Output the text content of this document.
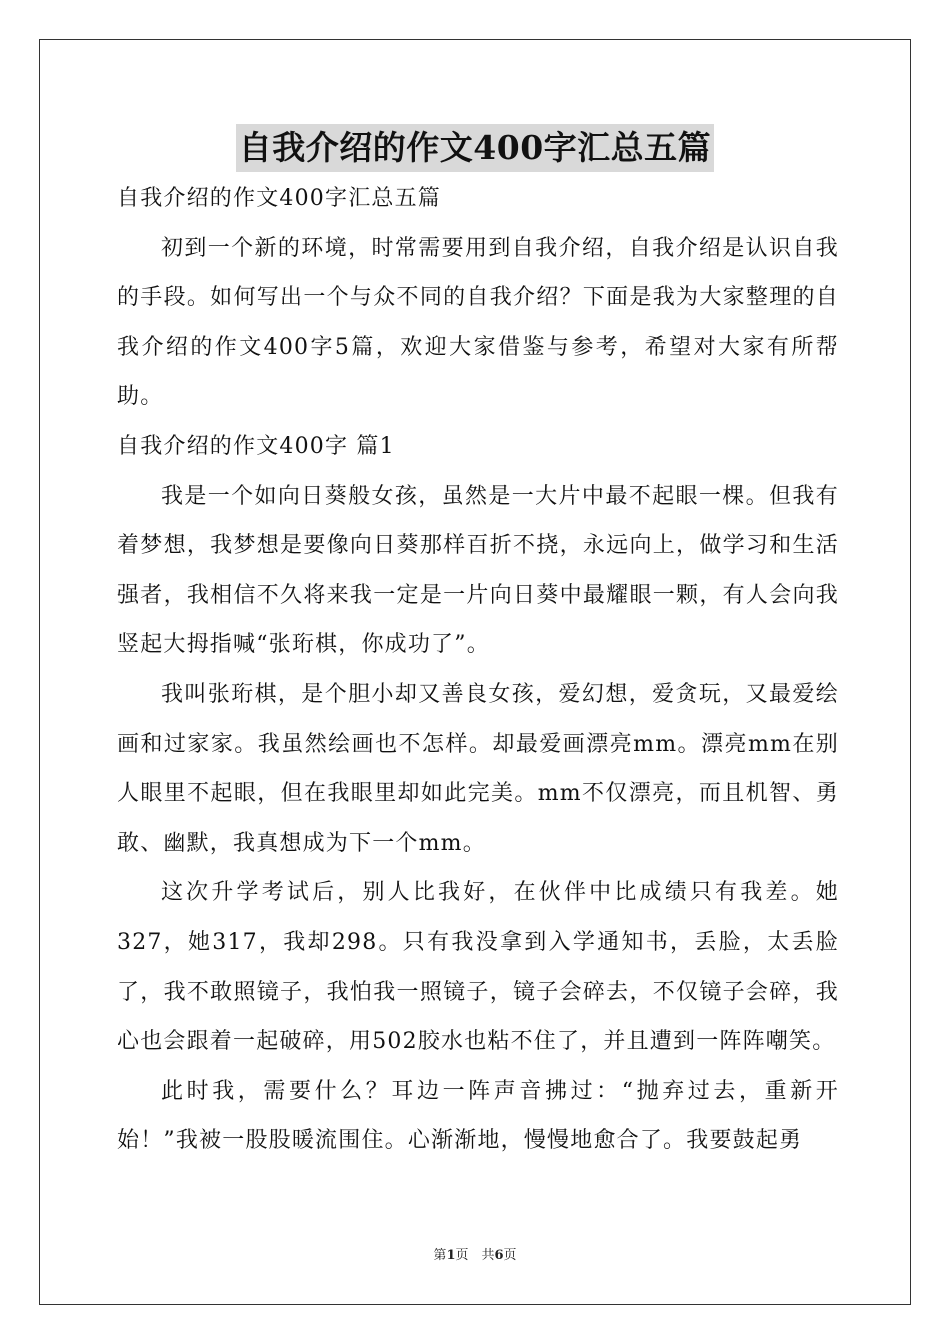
自我介绍的作文400字汇总五篇

自我介绍的作文400字汇总五篇

初到一个新的环境，时常需要用到自我介绍，自我介绍是认识自我的手段。如何写出一个与众不同的自我介绍？下面是我为大家整理的自我介绍的作文400字5篇，欢迎大家借鉴与参考，希望对大家有所帮助。

自我介绍的作文400字 篇1

我是一个如向日葵般女孩，虽然是一大片中最不起眼一棵。但我有着梦想，我梦想是要像向日葵那样百折不挠，永远向上，做学习和生活强者，我相信不久将来我一定是一片向日葵中最耀眼一颗，有人会向我竖起大拇指喊“张珩棋，你成功了”。

我叫张珩棋，是个胆小却又善良女孩，爱幻想，爱贪玩，又最爱绘画和过家家。我虽然绘画也不怎样。却最爱画漂亮mm。漂亮mm在别人眼里不起眼，但在我眼里却如此完美。mm不仅漂亮，而且机智、勇敢、幽默，我真想成为下一个mm。

这次升学考试后，别人比我好，在伙伴中比成绩只有我差。她327，她317，我却298。只有我没拿到入学通知书，丢脸，太丢脸了，我不敢照镜子，我怕我一照镜子，镜子会碎去，不仅镜子会碎，我心也会跟着一起破碎，用502胶水也粘不住了，并且遭到一阵阵嘲笑。

此时我，需要什么？耳边一阵声音拂过：“抛弃过去，重新开始！”我被一股股暖流围住。心渐渐地，慢慢地愈合了。我要鼓起勇

第1页　共6页
